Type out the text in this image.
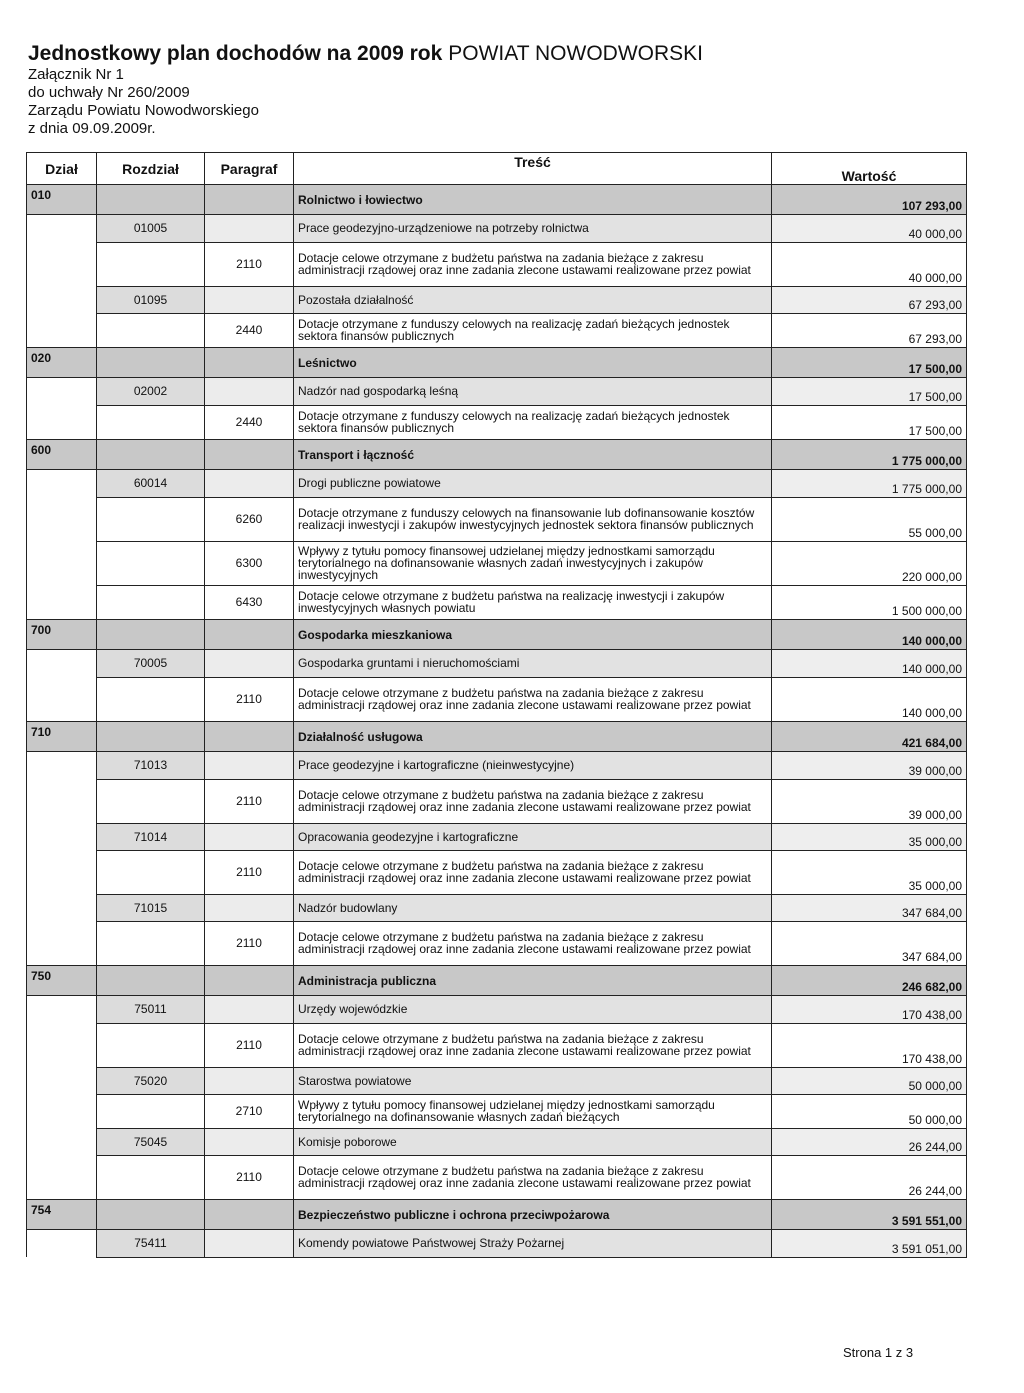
Jednostkowy plan dochodów na 2009 rok POWIAT NOWODWORSKI
Załącznik Nr 1
do uchwały Nr 260/2009
Zarządu Powiatu Nowodworskiego
z dnia 09.09.2009r.
Dział	Rozdział	Paragraf	Treść	Wartość
010			Rolnictwo i łowiectwo	107 293,00
	01005		Prace geodezyjno-urządzeniowe na potrzeby rolnictwa	40 000,00
		2110	Dotacje celowe otrzymane z budżetu państwa na zadania bieżące z zakresu administracji rządowej oraz inne zadania zlecone ustawami realizowane przez powiat	40 000,00
	01095		Pozostała działalność	67 293,00
		2440	Dotacje otrzymane z funduszy celowych na realizację zadań bieżących jednostek sektora finansów publicznych	67 293,00
020			Leśnictwo	17 500,00
	02002		Nadzór nad gospodarką leśną	17 500,00
		2440	Dotacje otrzymane z funduszy celowych na realizację zadań bieżących jednostek sektora finansów publicznych	17 500,00
600			Transport i łączność	1 775 000,00
	60014		Drogi publiczne powiatowe	1 775 000,00
		6260	Dotacje otrzymane z funduszy celowych na finansowanie lub dofinansowanie kosztów realizacji inwestycji i zakupów inwestycyjnych jednostek sektora finansów publicznych	55 000,00
		6300	Wpływy z tytułu pomocy finansowej udzielanej między jednostkami samorządu terytorialnego na dofinansowanie własnych zadań inwestycyjnych i zakupów inwestycyjnych	220 000,00
		6430	Dotacje celowe otrzymane z budżetu państwa na realizację inwestycji i zakupów inwestycyjnych własnych powiatu	1 500 000,00
700			Gospodarka mieszkaniowa	140 000,00
	70005		Gospodarka gruntami i nieruchomościami	140 000,00
		2110	Dotacje celowe otrzymane z budżetu państwa na zadania bieżące z zakresu administracji rządowej oraz inne zadania zlecone ustawami realizowane przez powiat	140 000,00
710			Działalność usługowa	421 684,00
	71013		Prace geodezyjne i kartograficzne (nieinwestycyjne)	39 000,00
		2110	Dotacje celowe otrzymane z budżetu państwa na zadania bieżące z zakresu administracji rządowej oraz inne zadania zlecone ustawami realizowane przez powiat	39 000,00
	71014		Opracowania geodezyjne i kartograficzne	35 000,00
		2110	Dotacje celowe otrzymane z budżetu państwa na zadania bieżące z zakresu administracji rządowej oraz inne zadania zlecone ustawami realizowane przez powiat	35 000,00
	71015		Nadzór budowlany	347 684,00
		2110	Dotacje celowe otrzymane z budżetu państwa na zadania bieżące z zakresu administracji rządowej oraz inne zadania zlecone ustawami realizowane przez powiat	347 684,00
750			Administracja publiczna	246 682,00
	75011		Urzędy wojewódzkie	170 438,00
		2110	Dotacje celowe otrzymane z budżetu państwa na zadania bieżące z zakresu administracji rządowej oraz inne zadania zlecone ustawami realizowane przez powiat	170 438,00
	75020		Starostwa powiatowe	50 000,00
		2710	Wpływy z tytułu pomocy finansowej udzielanej między jednostkami samorządu terytorialnego na dofinansowanie własnych zadań bieżących	50 000,00
	75045		Komisje poborowe	26 244,00
		2110	Dotacje celowe otrzymane z budżetu państwa na zadania bieżące z zakresu administracji rządowej oraz inne zadania zlecone ustawami realizowane przez powiat	26 244,00
754			Bezpieczeństwo publiczne i ochrona przeciwpożarowa	3 591 551,00
	75411		Komendy powiatowe Państwowej Straży Pożarnej	3 591 051,00
Strona 1 z 3
